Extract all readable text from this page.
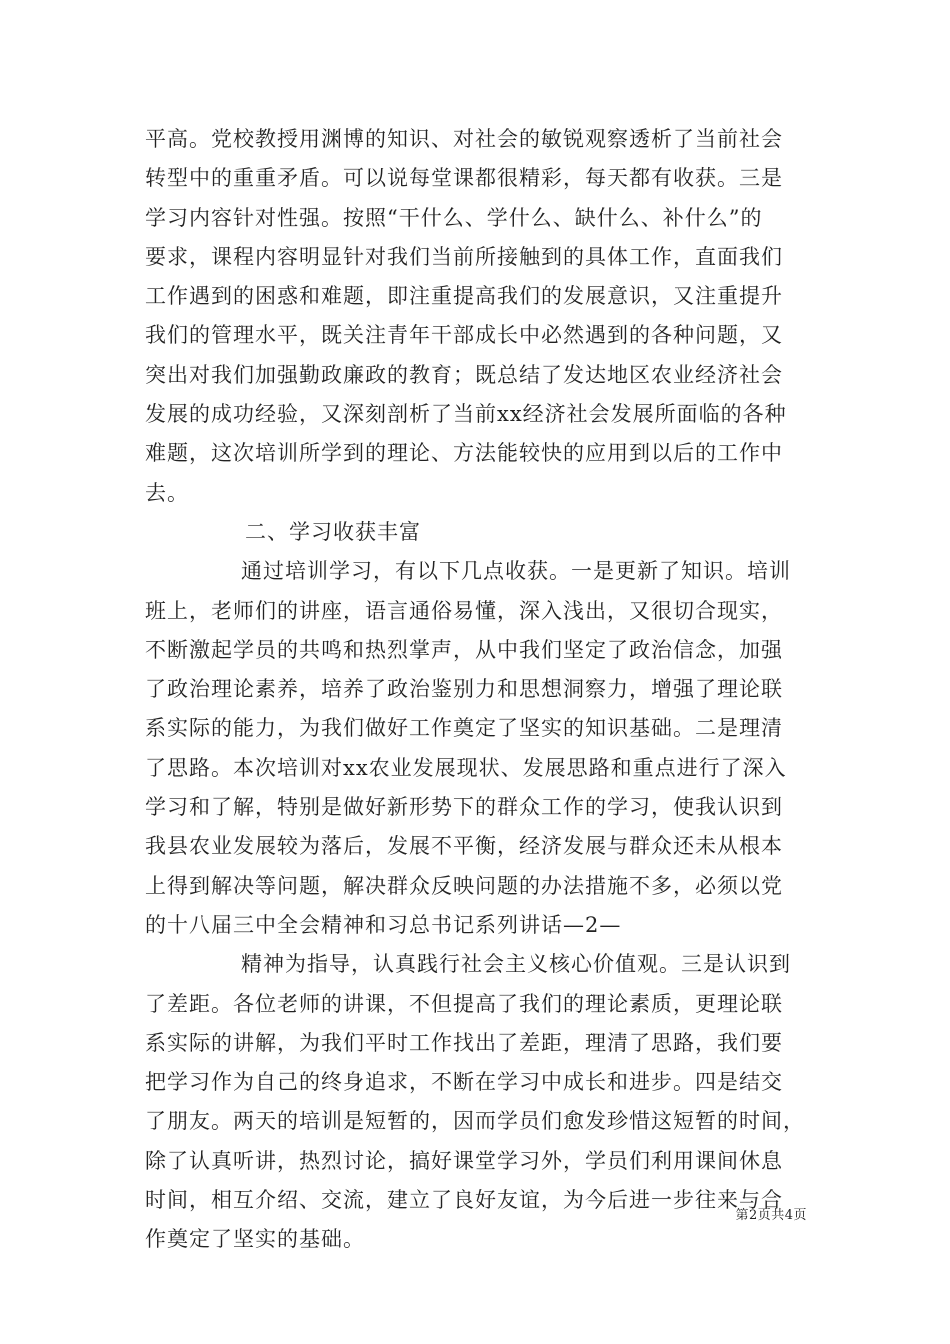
平高。党校教授用渊博的知识、对社会的敏锐观察透析了当前社会
转型中的重重矛盾。可以说每堂课都很精彩，每天都有收获。三是
学习内容针对性强。按照“干什么、学什么、缺什么、补什么”的
要求，课程内容明显针对我们当前所接触到的具体工作，直面我们
工作遇到的困惑和难题，即注重提高我们的发展意识，又注重提升
我们的管理水平，既关注青年干部成长中必然遇到的各种问题，又
突出对我们加强勤政廉政的教育；既总结了发达地区农业经济社会
发展的成功经验，又深刻剖析了当前xx经济社会发展所面临的各种
难题，这次培训所学到的理论、方法能较快的应用到以后的工作中
去。
二、学习收获丰富
通过培训学习，有以下几点收获。一是更新了知识。培训
班上，老师们的讲座，语言通俗易懂，深入浅出，又很切合现实，
不断激起学员的共鸣和热烈掌声，从中我们坚定了政治信念，加强
了政治理论素养，培养了政治鉴别力和思想洞察力，增强了理论联
系实际的能力，为我们做好工作奠定了坚实的知识基础。二是理清
了思路。本次培训对xx农业发展现状、发展思路和重点进行了深入
学习和了解，特别是做好新形势下的群众工作的学习，使我认识到
我县农业发展较为落后，发展不平衡，经济发展与群众还未从根本
上得到解决等问题，解决群众反映问题的办法措施不多，必须以党
的十八届三中全会精神和习总书记系列讲话—2—
精神为指导，认真践行社会主义核心价值观。三是认识到
了差距。各位老师的讲课，不但提高了我们的理论素质，更理论联
系实际的讲解，为我们平时工作找出了差距，理清了思路，我们要
把学习作为自己的终身追求，不断在学习中成长和进步。四是结交
了朋友。两天的培训是短暂的，因而学员们愈发珍惜这短暂的时间，
除了认真听讲，热烈讨论，搞好课堂学习外，学员们利用课间休息
时间，相互介绍、交流，建立了良好友谊，为今后进一步往来与合
作奠定了坚实的基础。
第2页共4页
